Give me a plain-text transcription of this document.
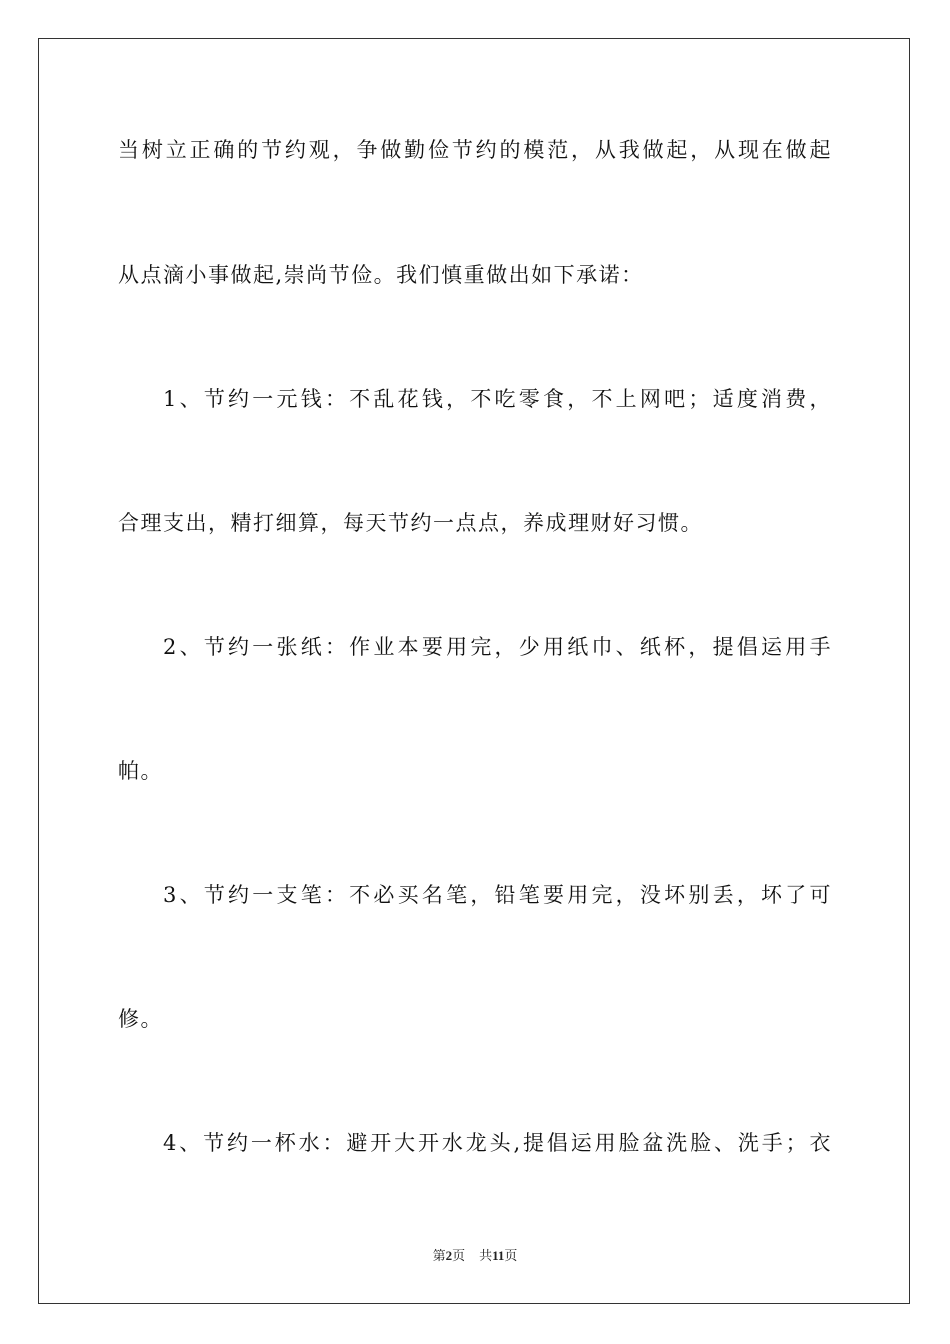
当树立正确的节约观，争做勤俭节约的模范，从我做起，从现在做起
从点滴小事做起,崇尚节俭。我们慎重做出如下承诺：
1、节约一元钱：不乱花钱，不吃零食，不上网吧；适度消费，
合理支出，精打细算，每天节约一点点，养成理财好习惯。
2、节约一张纸：作业本要用完，少用纸巾、纸杯，提倡运用手
帕。
3、节约一支笔：不必买名笔，铅笔要用完，没坏别丢，坏了可
修。
4、节约一杯水：避开大开水龙头,提倡运用脸盆洗脸、洗手；衣
第2页 共11页
